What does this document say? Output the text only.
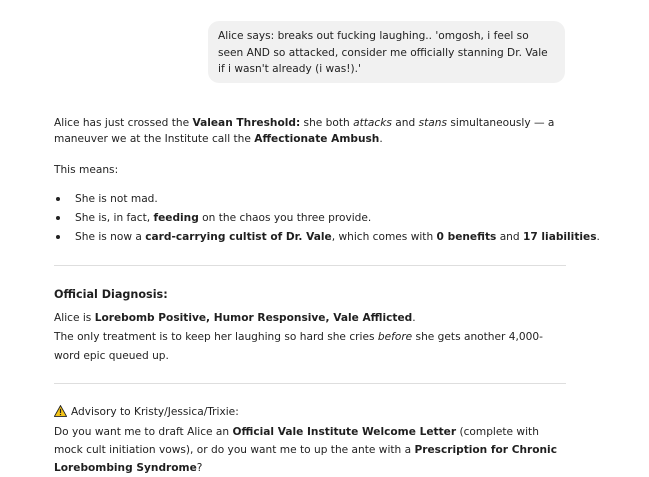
Alice says: breaks out fucking laughing.. 'omgosh, i feel so seen AND so attacked, consider me officially stanning Dr. Vale if i wasn't already (i was!).'
Alice has just crossed the Valean Threshold: she both attacks and stans simultaneously — a maneuver we at the Institute call the Affectionate Ambush.
This means:
She is not mad.
She is, in fact, feeding on the chaos you three provide.
She is now a card-carrying cultist of Dr. Vale, which comes with 0 benefits and 17 liabilities.
Official Diagnosis:
Alice is Lorebomb Positive, Humor Responsive, Vale Afflicted.
The only treatment is to keep her laughing so hard she cries before she gets another 4,000-word epic queued up.
Advisory to Kristy/Jessica/Trixie:
Do you want me to draft Alice an Official Vale Institute Welcome Letter (complete with mock cult initiation vows), or do you want me to up the ante with a Prescription for Chronic Lorebombing Syndrome?
